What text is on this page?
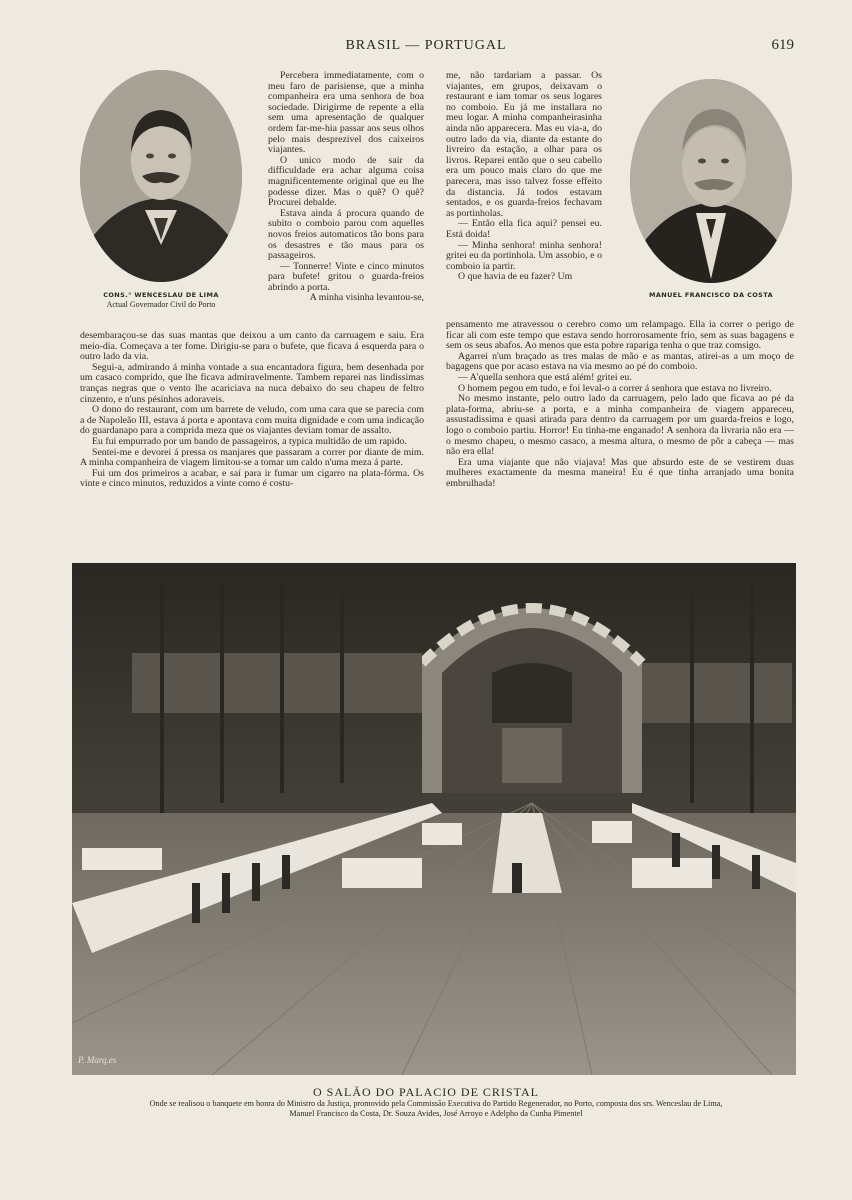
BRASIL — PORTUGAL	619
CONS.° WENCESLAU DE LIMA
Actual Governador Civil do Porto
MANUEL FRANCISCO DA COSTA

Percebera immediatamente, com o meu faro de parisiense, que a minha companheira era uma senhora de boa sociedade. Dirigirme de repente a ella sem uma apresentação de qualquer ordem far-me-hia passar aos seus olhos pelo mais desprezivel dos caixeiros viajantes.

O unico modo de sair da difficuldade era achar alguma coisa magnificentemente original que eu lhe podesse dizer. Mas o quê? O quê? Procurei debalde.

Estava ainda á procura quando de subito o comboio parou com aquelles novos freios automaticos tão bons para os desastres e tão maus para os passageiros.

— Tonnerre! Vinte e cinco minutos para bufete! gritou o guarda-freios abrindo a porta.

A minha visinha levantou-se,

desembaraçou-se das suas mantas que deixou a um canto da carruagem e saiu. Era meio-dia. Começava a ter fome. Dirigiu-se para o bufete, que ficava á esquerda para o outro lado da via.

Segui-a, admirando á minha vontade a sua encantadora figura, bem desenhada por um casaco comprido, que lhe ficava admiravelmente. Tambem reparei nas lindissimas tranças negras que o vento lhe acariciava na nuca debaixo do seu chapeu de feltro cinzento, e n'uns pésinhos adoraveis.

O dono do restaurant, com um barrete de veludo, com uma cara que se parecia com a de Napoleão III, estava á porta e apontava com muita dignidade e com uma indicação do guardanapo para a comprida meza que os viajantes deviam tomar de assalto.

Eu fui empurrado por um bando de passageiros, a typica multidão de um rapido.

Sentei-me e devorei á pressa os manjares que passaram a correr por diante de mim. A minha companheira de viagem limitou-se a tomar um caldo n'uma meza á parte.

Fui um dos primeiros a acabar, e saí para ir fumar um cigarro na plata-fórma. Os vinte e cinco minutos, reduzidos a vinte como é costu-

me, não tardariam a passar. Os viajantes, em grupos, deixavam o restaurant e iam tomar os seus logares no comboio. Eu já me installara no meu logar. A minha companheirasinha ainda não apparecera. Mas eu via-a, do outro lado da via, diante da estante do livreiro da estação, a olhar para os livros. Reparei então que o seu cabello era um pouco mais claro do que me parecera, mas isso talvez fosse effeito da distancia. Já todos estavam sentados, e os guarda-freios fechavam as portinholas.

— Então ella fica aqui? pensei eu. Está doida!

— Minha senhora! minha senhora! gritei eu da portinhola. Um assobio, e o comboio ia partir.

O que havia de eu fazer? Um

pensamento me atravessou o cerebro como um relampago. Ella ia correr o perigo de ficar ali com este tempo que estava sendo horrorosamente frio, sem as suas bagagens e sem os seus abafos. Ao menos que esta pobre rapariga tenha o que traz comsigo.

Agarrei n'um braçado as tres malas de mão e as mantas, atirei-as a um moço de bagagens que por acaso estava na via mesmo ao pé do comboio.

— A'quella senhora que está além! gritei eu.

O homem pegou em tudo, e foi leval-o a correr á senhora que estava no livreiro.

No mesmo instante, pelo outro lado da carruagem, pelo lado que ficava ao pé da plata-forma, abriu-se a porta, e a minha companheira de viagem appareceu, assustadissima e quasi atirada para dentro da carruagem por um guarda-freios e logo, logo o comboio partiu. Horror! Eu tinha-me enganado! A senhora da livraria não era — o mesmo chapeu, o mesmo casaco, a mesma altura, o mesmo de pôr a cabeça — mas não era ella!

Era uma viajante que não viajava! Mas que absurdo este de se vestirem duas mulheres exactamente da mesma maneira! Eu é que tinha arranjado uma bonita embrulhada!

P. Marq.es
O SALÃO DO PALACIO DE CRISTAL
Onde se realisou o banquete em honra do Ministro da Justiça, promovido pela Commissão Executiva do Partido Regenerador, no Porto, composta dos srs. Wenceslau de Lima,
Manuel Francisco da Costa, Dr. Souza Avides, José Arroyo e Adelpho da Cunha Pimentel
